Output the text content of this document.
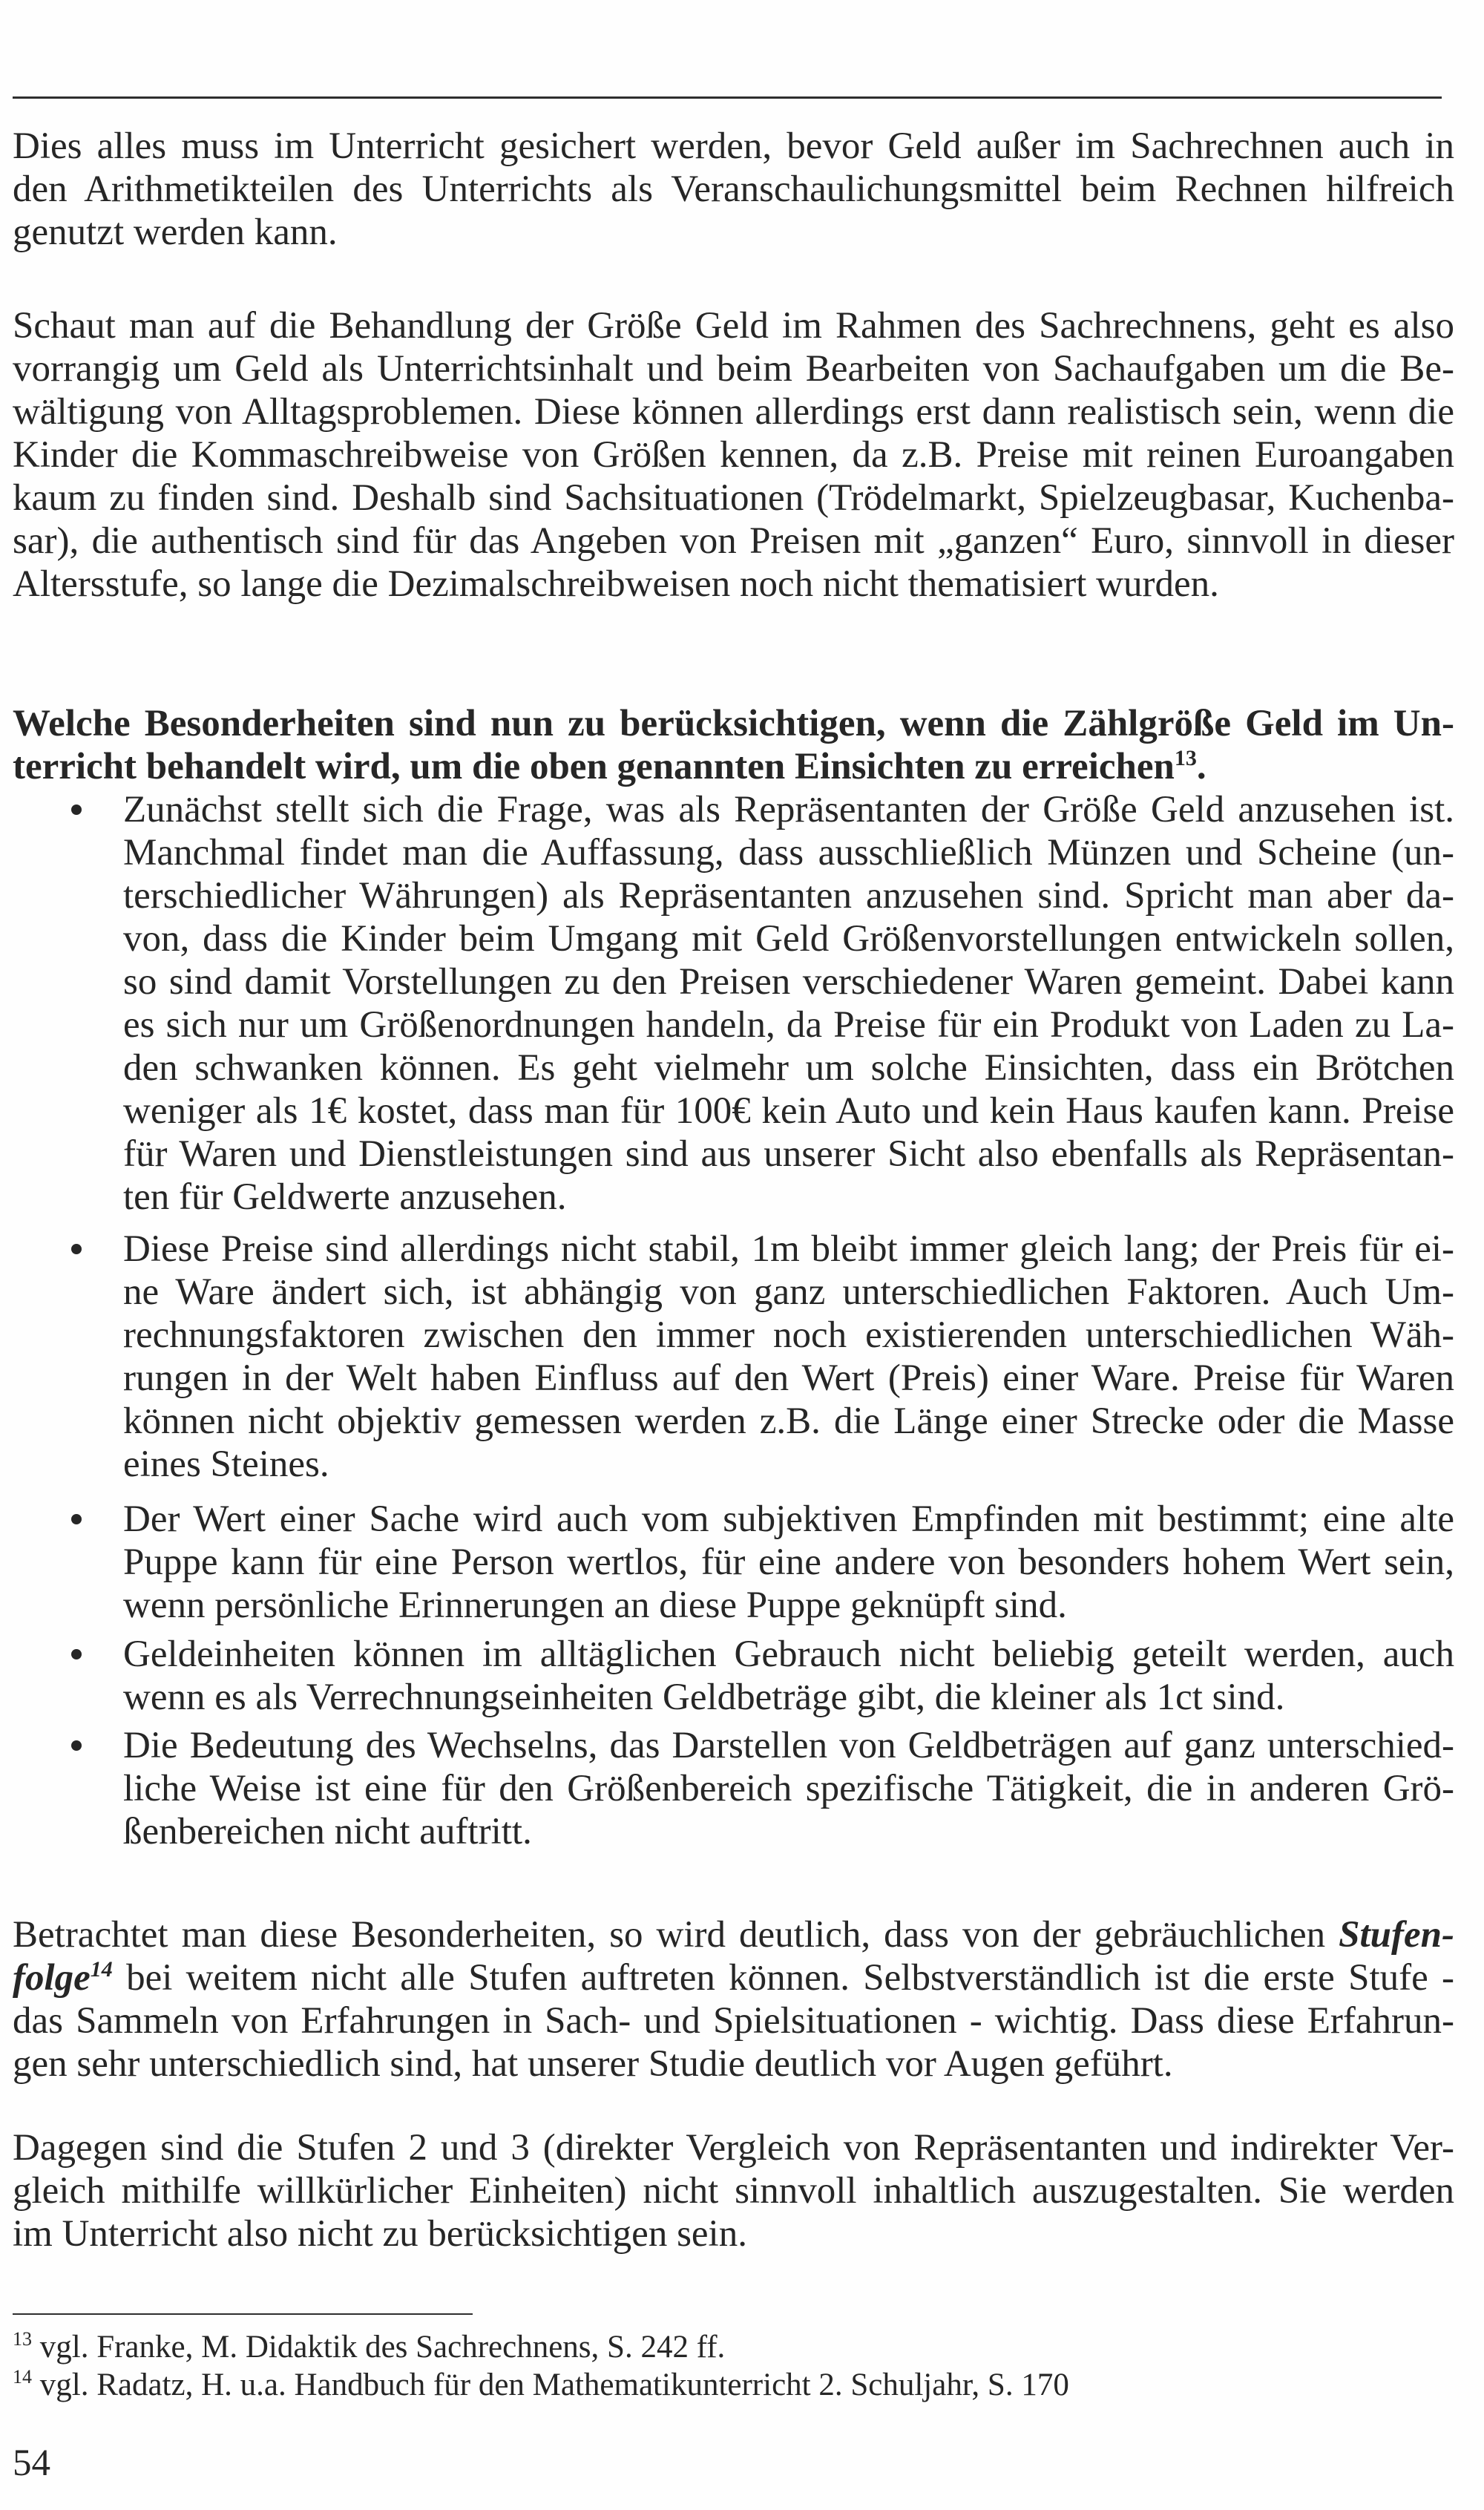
Dies alles muss im Unterricht gesichert werden, bevor Geld außer im Sachrechnen auch in
den Arithmetikteilen des Unterrichts als Veranschaulichungsmittel beim Rechnen hilfreich
genutzt werden kann.
Schaut man auf die Behandlung der Größe Geld im Rahmen des Sachrechnens, geht es also
vorrangig um Geld als Unterrichtsinhalt und beim Bearbeiten von Sachaufgaben um die Be-
wältigung von Alltagsproblemen. Diese können allerdings erst dann realistisch sein, wenn die
Kinder die Kommaschreibweise von Größen kennen, da z.B. Preise mit reinen Euroangaben
kaum zu finden sind. Deshalb sind Sachsituationen (Trödelmarkt, Spielzeugbasar, Kuchenba-
sar), die authentisch sind für das Angeben von Preisen mit „ganzen“ Euro, sinnvoll in dieser
Altersstufe, so lange die Dezimalschreibweisen noch nicht thematisiert wurden.
Welche Besonderheiten sind nun zu berücksichtigen, wenn die Zählgröße Geld im Un-
terricht behandelt wird, um die oben genannten Einsichten zu erreichen$^{13}$.
Zunächst stellt sich die Frage, was als Repräsentanten der Größe Geld anzusehen ist.
Manchmal findet man die Auffassung, dass ausschließlich Münzen und Scheine (un-
terschiedlicher Währungen) als Repräsentanten anzusehen sind. Spricht man aber da-
von, dass die Kinder beim Umgang mit Geld Größenvorstellungen entwickeln sollen,
so sind damit Vorstellungen zu den Preisen verschiedener Waren gemeint. Dabei kann
es sich nur um Größenordnungen handeln, da Preise für ein Produkt von Laden zu La-
den schwanken können. Es geht vielmehr um solche Einsichten, dass ein Brötchen
weniger als 1€ kostet, dass man für 100€ kein Auto und kein Haus kaufen kann. Preise
für Waren und Dienstleistungen sind aus unserer Sicht also ebenfalls als Repräsentan-
ten für Geldwerte anzusehen.
Diese Preise sind allerdings nicht stabil, 1m bleibt immer gleich lang; der Preis für ei-
ne Ware ändert sich, ist abhängig von ganz unterschiedlichen Faktoren. Auch Um-
rechnungsfaktoren zwischen den immer noch existierenden unterschiedlichen Wäh-
rungen in der Welt haben Einfluss auf den Wert (Preis) einer Ware. Preise für Waren
können nicht objektiv gemessen werden z.B. die Länge einer Strecke oder die Masse
eines Steines.
Der Wert einer Sache wird auch vom subjektiven Empfinden mit bestimmt; eine alte
Puppe kann für eine Person wertlos, für eine andere von besonders hohem Wert sein,
wenn persönliche Erinnerungen an diese Puppe geknüpft sind.
Geldeinheiten können im alltäglichen Gebrauch nicht beliebig geteilt werden, auch
wenn es als Verrechnungseinheiten Geldbeträge gibt, die kleiner als 1ct sind.
Die Bedeutung des Wechselns, das Darstellen von Geldbeträgen auf ganz unterschied-
liche Weise ist eine für den Größenbereich spezifische Tätigkeit, die in anderen Grö-
ßenbereichen nicht auftritt.
Betrachtet man diese Besonderheiten, so wird deutlich, dass von der gebräuchlichen Stufen-
folge$^{14}$ bei weitem nicht alle Stufen auftreten können. Selbstverständlich ist die erste Stufe -
das Sammeln von Erfahrungen in Sach- und Spielsituationen - wichtig. Dass diese Erfahrun-
gen sehr unterschiedlich sind, hat unserer Studie deutlich vor Augen geführt.
Dagegen sind die Stufen 2 und 3 (direkter Vergleich von Repräsentanten und indirekter Ver-
gleich mithilfe willkürlicher Einheiten) nicht sinnvoll inhaltlich auszugestalten. Sie werden
im Unterricht also nicht zu berücksichtigen sein.
$^{13}$ vgl. Franke, M. Didaktik des Sachrechnens, S. 242 ff.
$^{14}$ vgl. Radatz, H. u.a. Handbuch für den Mathematikunterricht 2. Schuljahr, S. 170
54
